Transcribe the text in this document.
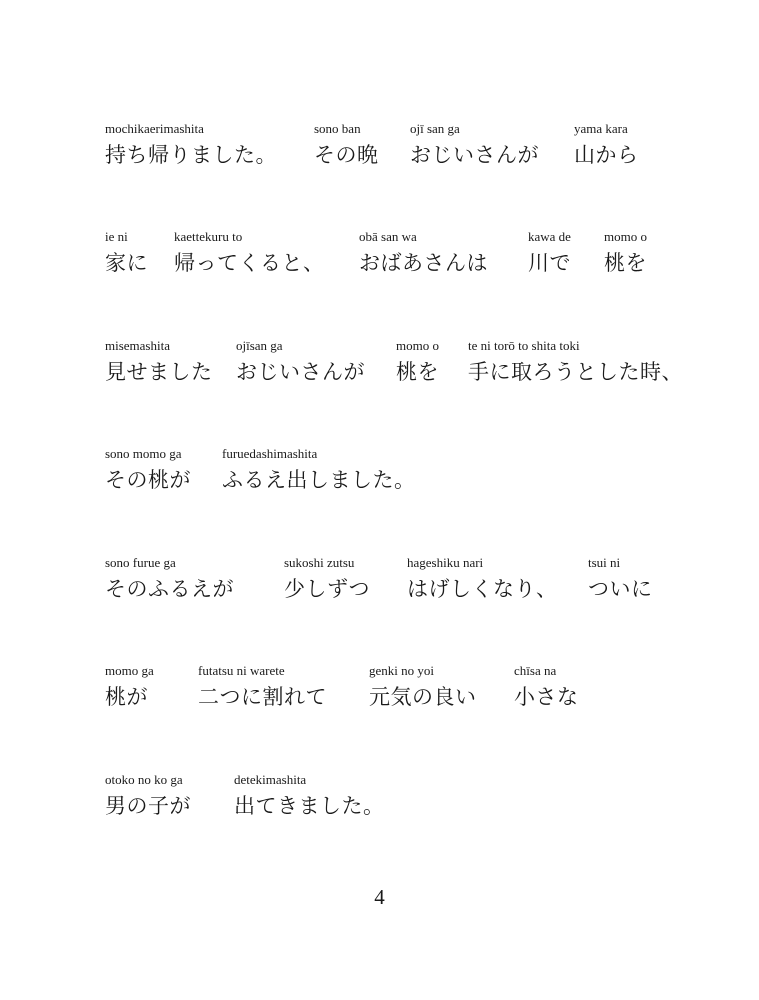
mochikaerimashita
持ち帰りました。
sono ban
その晩
ojī san ga
おじいさんが
yama kara
山から
ie ni
家に
kaettekuru to
帰ってくると、
obā san wa
おばあさんは
kawa de
川で
momo o
桃を
misemashita
見せました
ojīsan ga
おじいさんが
momo o
桃を
te ni torō to shita toki
手に取ろうとした時、
sono momo ga
その桃が
furuedashimashita
ふるえ出しました。
sono furue ga
そのふるえが
sukoshi zutsu
少しずつ
hageshiku nari
はげしくなり、
tsui ni
ついに
momo ga
桃が
futatsu ni warete
二つに割れて
genki no yoi
元気の良い
chīsa na
小さな
otoko no ko ga
男の子が
detekimashita
出てきました。
4
